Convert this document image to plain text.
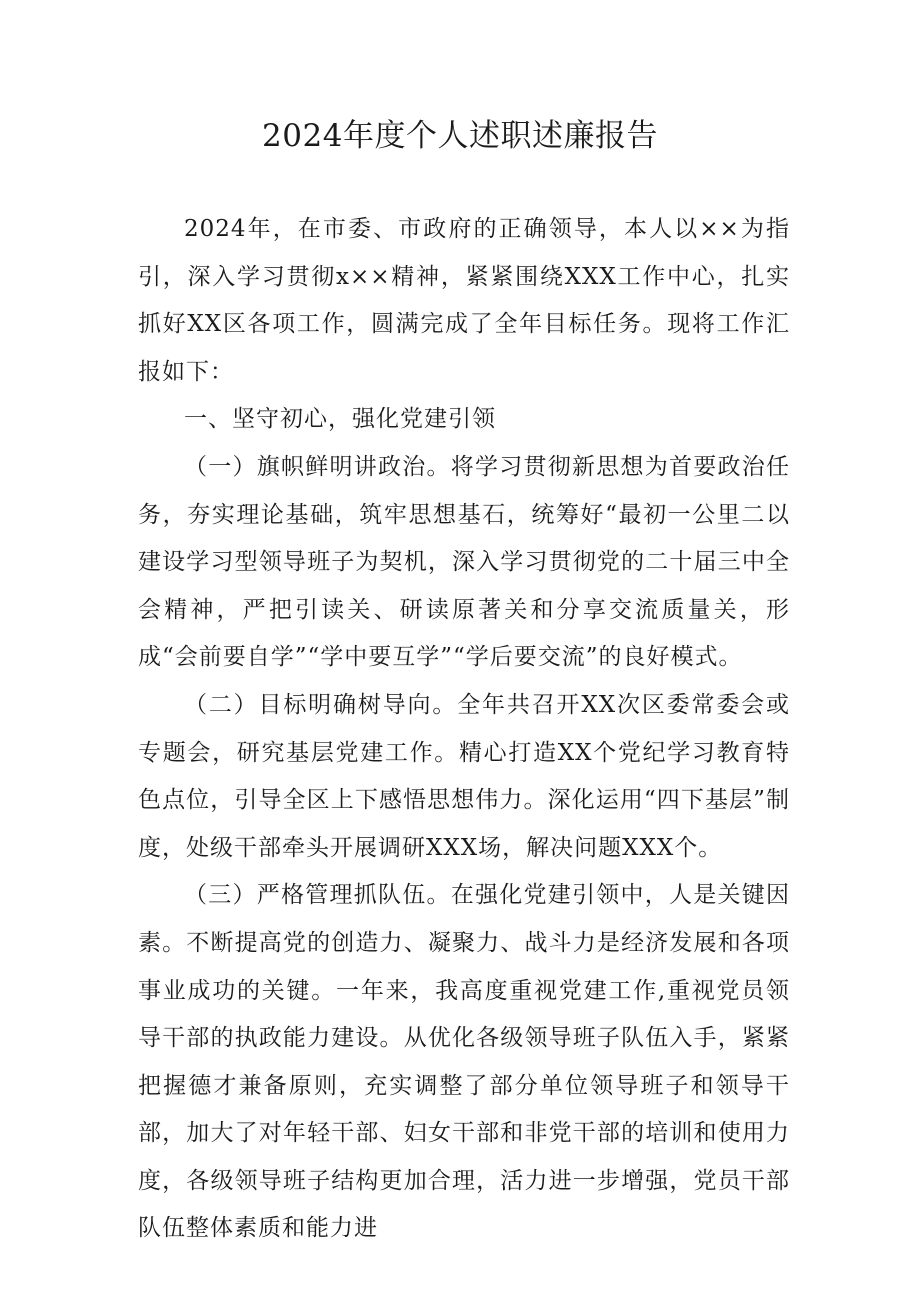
2024年度个人述职述廉报告

2024年，在市委、市政府的正确领导，本人以××为指引，深入学习贯彻x××精神，紧紧围绕XXX工作中心，扎实抓好XX区各项工作，圆满完成了全年目标任务。现将工作汇报如下：

一、坚守初心，强化党建引领

（一）旗帜鲜明讲政治。将学习贯彻新思想为首要政治任务，夯实理论基础，筑牢思想基石，统筹好“最初一公里二以建设学习型领导班子为契机，深入学习贯彻党的二十届三中全会精神，严把引读关、研读原著关和分享交流质量关，形成“会前要自学”“学中要互学”“学后要交流”的良好模式。

（二）目标明确树导向。全年共召开XX次区委常委会或专题会，研究基层党建工作。精心打造XX个党纪学习教育特色点位，引导全区上下感悟思想伟力。深化运用“四下基层”制度，处级干部牵头开展调研XXX场，解决问题XXX个。

（三）严格管理抓队伍。在强化党建引领中，人是关键因素。不断提高党的创造力、凝聚力、战斗力是经济发展和各项事业成功的关键。一年来，我高度重视党建工作,重视党员领导干部的执政能力建设。从优化各级领导班子队伍入手，紧紧把握德才兼备原则，充实调整了部分单位领导班子和领导干部，加大了对年轻干部、妇女干部和非党干部的培训和使用力度，各级领导班子结构更加合理，活力进一步增强，党员干部队伍整体素质和能力进
